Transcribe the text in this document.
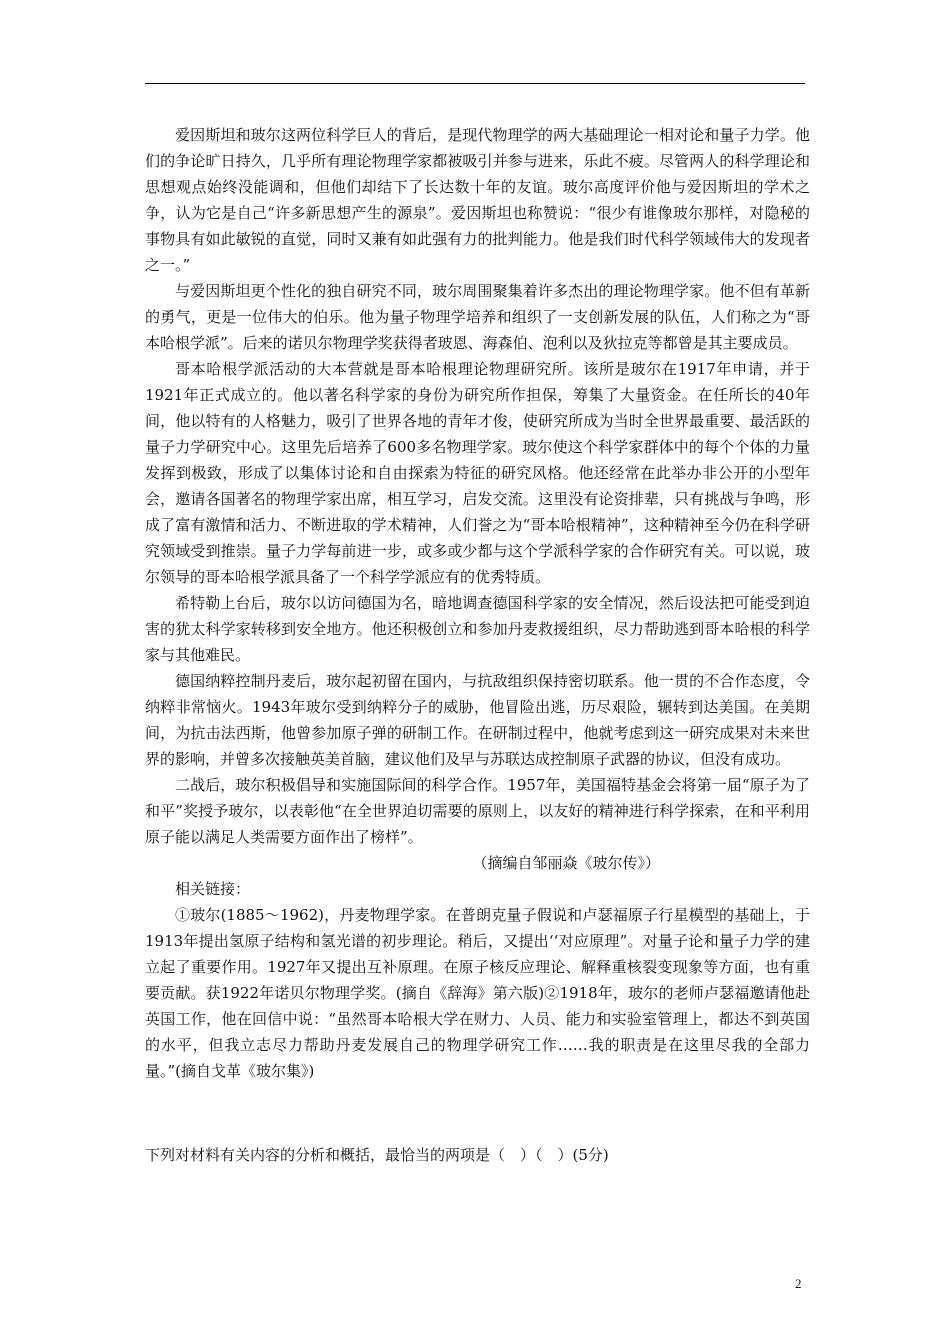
爱因斯坦和玻尔这两位科学巨人的背后，是现代物理学的两大基础理论一相对论和量子力学。他们的争论旷日持久，几乎所有理论物理学家都被吸引并参与进来，乐此不疲。尽管两人的科学理论和思想观点始终没能调和，但他们却结下了长达数十年的友谊。玻尔高度评价他与爱因斯坦的学术之争，认为它是自己“许多新思想产生的源泉”。爱因斯坦也称赞说：“很少有谁像玻尔那样，对隐秘的事物具有如此敏锐的直觉，同时又兼有如此强有力的批判能力。他是我们时代科学领域伟大的发现者之一。”

与爱因斯坦更个性化的独自研究不同，玻尔周围聚集着许多杰出的理论物理学家。他不但有革新的勇气，更是一位伟大的伯乐。他为量子物理学培养和组织了一支创新发展的队伍，人们称之为“哥本哈根学派”。后来的诺贝尔物理学奖获得者玻恩、海森伯、泡利以及狄拉克等都曾是其主要成员。

哥本哈根学派活动的大本营就是哥本哈根理论物理研究所。该所是玻尔在1917年申请，并于1921年正式成立的。他以著名科学家的身份为研究所作担保，筹集了大量资金。在任所长的40年间，他以特有的人格魅力，吸引了世界各地的青年才俊，使研究所成为当时全世界最重要、最活跃的量子力学研究中心。这里先后培养了600多名物理学家。玻尔使这个科学家群体中的每个个体的力量发挥到极致，形成了以集体讨论和自由探索为特征的研究风格。他还经常在此举办非公开的小型年会，邀请各国著名的物理学家出席，相互学习，启发交流。这里没有论资排辈，只有挑战与争鸣，形成了富有激情和活力、不断进取的学术精神，人们誉之为“哥本哈根精神”，这种精神至今仍在科学研究领域受到推崇。量子力学每前进一步，或多或少都与这个学派科学家的合作研究有关。可以说，玻尔领导的哥本哈根学派具备了一个科学学派应有的优秀特质。

希特勒上台后，玻尔以访问德国为名，暗地调查德国科学家的安全情况，然后设法把可能受到迫害的犹太科学家转移到安全地方。他还积极创立和参加丹麦救援组织，尽力帮助逃到哥本哈根的科学家与其他难民。

德国纳粹控制丹麦后，玻尔起初留在国内，与抗敌组织保持密切联系。他一贯的不合作态度，令纳粹非常恼火。1943年玻尔受到纳粹分子的威胁，他冒险出逃，历尽艰险，辗转到达美国。在美期间，为抗击法西斯，他曾参加原子弹的研制工作。在研制过程中，他就考虑到这一研究成果对未来世界的影响，并曾多次接触英美首脑，建议他们及早与苏联达成控制原子武器的协议，但没有成功。

二战后，玻尔积极倡导和实施国际间的科学合作。1957年，美国福特基金会将第一届“原子为了和平”奖授予玻尔，以表彰他“在全世界迫切需要的原则上，以友好的精神进行科学探索，在和平利用原子能以满足人类需要方面作出了榜样”。

（摘编自邹丽焱《玻尔传》）

相关链接：

①玻尔(1885～1962)，丹麦物理学家。在普朗克量子假说和卢瑟福原子行星模型的基础上，于1913年提出氢原子结构和氢光谱的初步理论。稍后，又提出‘‘对应原理”。对量子论和量子力学的建立起了重要作用。1927年又提出互补原理。在原子核反应理论、解释重核裂变现象等方面，也有重要贡献。获1922年诺贝尔物理学奖。(摘自《辞海》第六版)②1918年，玻尔的老师卢瑟福邀请他赴英国工作，他在回信中说：“虽然哥本哈根大学在财力、人员、能力和实验室管理上，都达不到英国的水平，但我立志尽力帮助丹麦发展自己的物理学研究工作……我的职责是在这里尽我的全部力量。”(摘自戈革《玻尔集》)

下列对材料有关内容的分析和概括，最恰当的两项是（　）（　）(5分)
2
